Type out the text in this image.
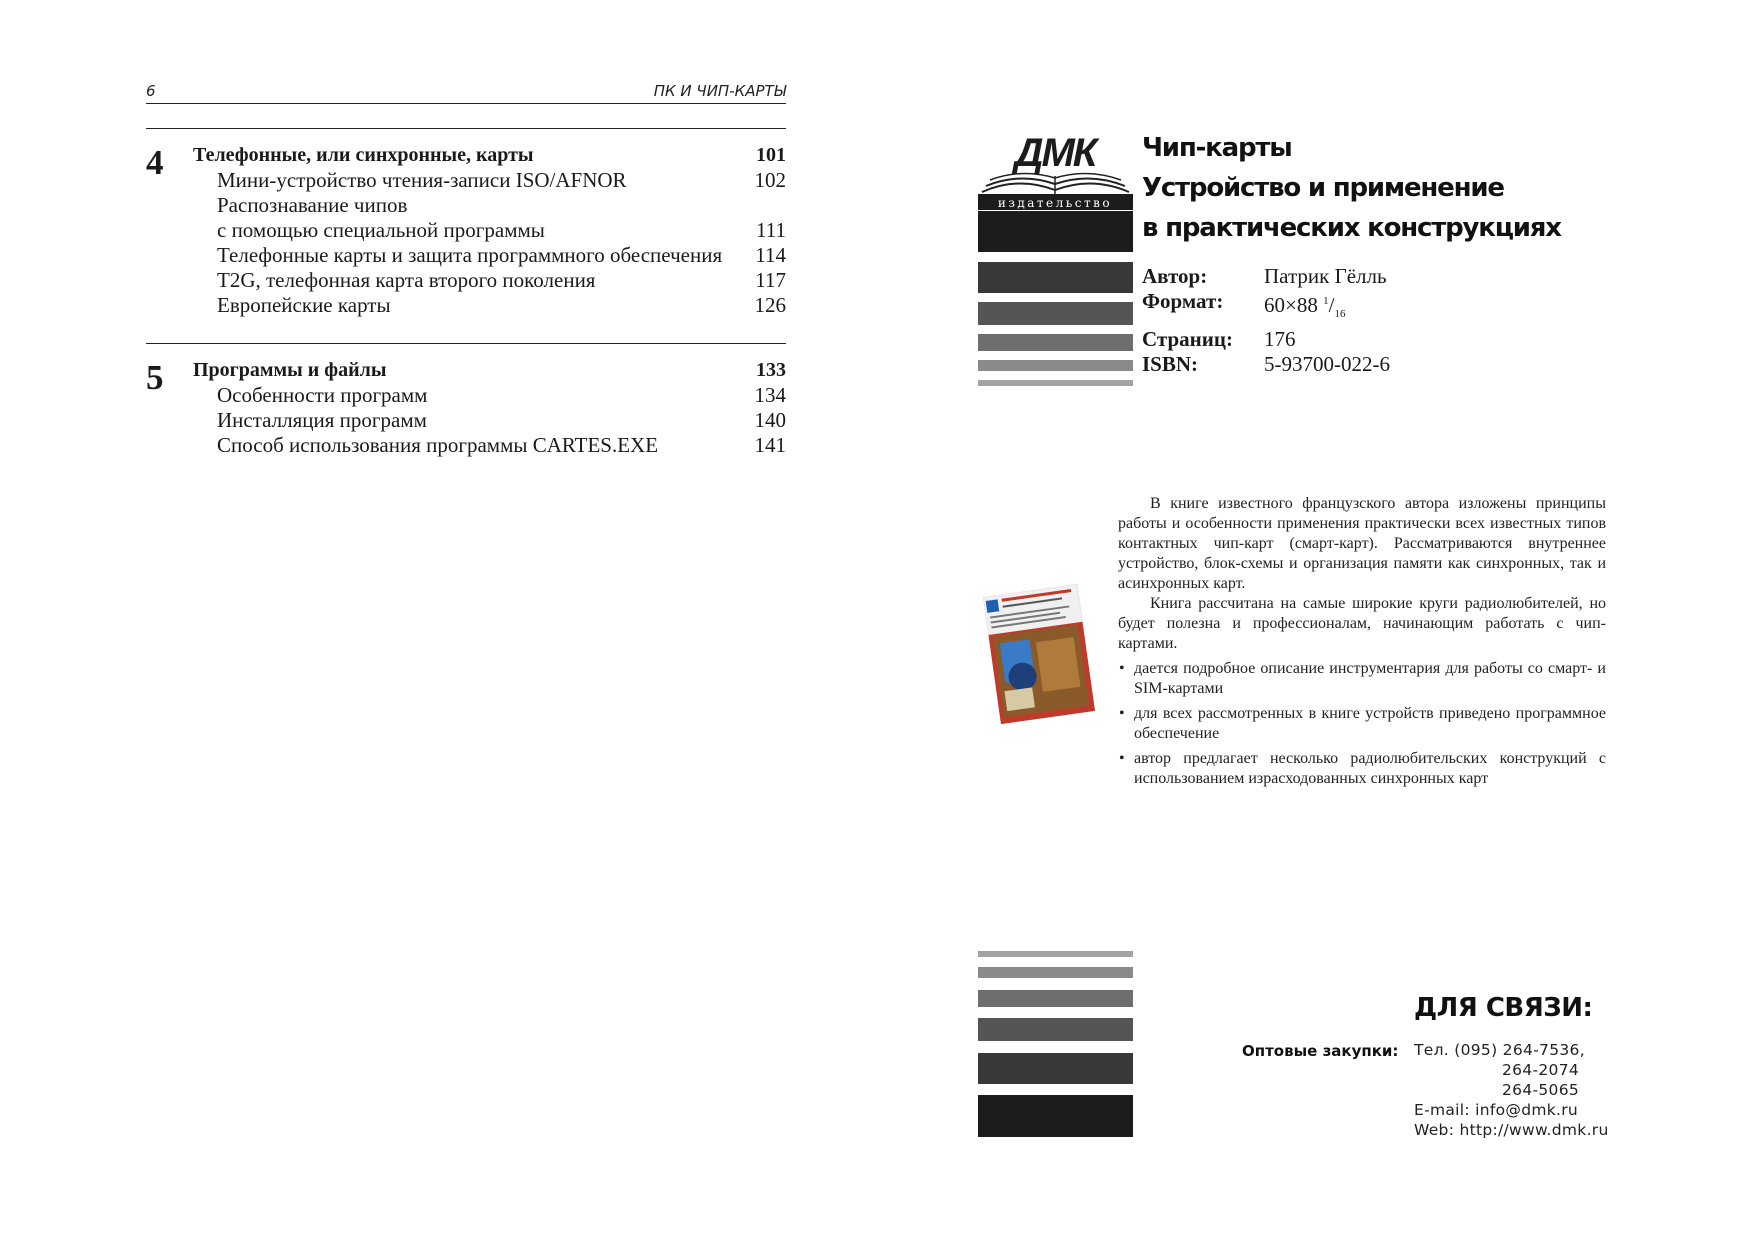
6	ПК И ЧИП-КАРТЫ
4 Телефонные, или синхронные, карты	101
Мини-устройство чтения-записи ISO/AFNOR	102
Распознавание чипов
с помощью специальной программы	111
Телефонные карты и защита программного обеспечения	114
T2G, телефонная карта второго поколения	117
Европейские карты	126
5 Программы и файлы	133
Особенности программ	134
Инсталляция программ	140
Способ использования программы CARTES.EXE	141
ДМК
издательство
Чип-карты
Устройство и применение
в практических конструкциях
Автор:	Патрик Гёлль
Формат:	60×88 $^1/_{16}$
Страниц:	176
ISBN:	5-93700-022-6

В книге известного французского автора изложены принципы работы и особенности применения практически всех известных типов контактных чип-карт (смарт-карт). Рассматриваются внутреннее устройство, блок-схемы и организация памяти как синхронных, так и асинхронных карт.

Книга рассчитана на самые широкие круги радиолюбителей, но будет полезна и профессионалам, начинающим работать с чип-картами.

• дается подробное описание инструментария для работы со смарт- и SIM-картами
• для всех рассмотренных в книге устройств приведено программное обеспечение
• автор предлагает несколько радиолюбительских конструкций с использованием израсходованных синхронных карт
ДЛЯ СВЯЗИ:
Оптовые закупки: Тел. (095) 264-7536,
264-2074
264-5065
E-mail: info@dmk.ru
Web: http://www.dmk.ru
